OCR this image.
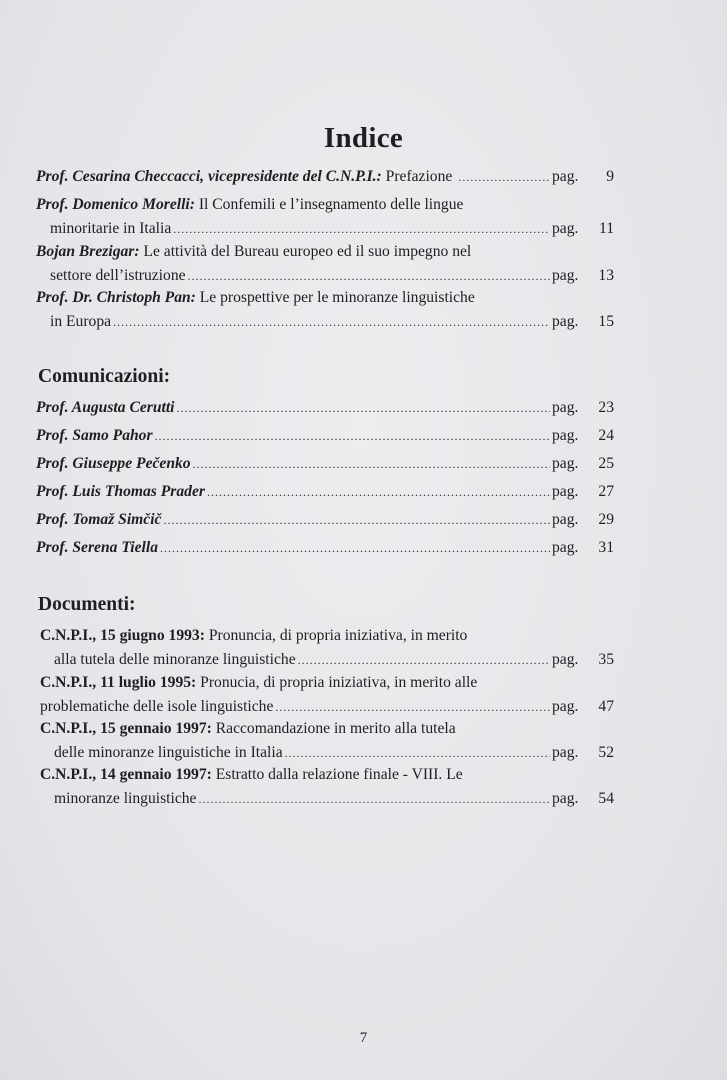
Indice
Prof. Cesarina Checcacci, vicepresidente del C.N.P.I.: Prefazione .....	pag.	9
Prof. Domenico Morelli: Il Confemili e l’insegnamento delle lingue
minoritarie in Italia .....	pag.	11
Bojan Brezigar: Le attività del Bureau europeo ed il suo impegno nel
settore dell’istruzione .....	pag.	13
Prof. Dr. Christoph Pan: Le prospettive per le minoranze linguistiche
in Europa .....	pag.	15
Comunicazioni:
Prof. Augusta Cerutti .....	pag.	23
Prof. Samo Pahor .....	pag.	24
Prof. Giuseppe Pečenko .....	pag.	25
Prof. Luis Thomas Prader .....	pag.	27
Prof. Tomaž Simčič .....	pag.	29
Prof. Serena Tiella .....	pag.	31
Documenti:
C.N.P.I., 15 giugno 1993: Pronuncia, di propria iniziativa, in merito
alla tutela delle minoranze linguistiche .....	pag.	35
C.N.P.I., 11 luglio 1995: Pronucia, di propria iniziativa, in merito alle
problematiche delle isole linguistiche .....	pag.	47
C.N.P.I., 15 gennaio 1997: Raccomandazione in merito alla tutela
delle minoranze linguistiche in Italia .....	pag.	52
C.N.P.I., 14 gennaio 1997: Estratto dalla relazione finale - VIII. Le
minoranze linguistiche .....	pag.	54
7
